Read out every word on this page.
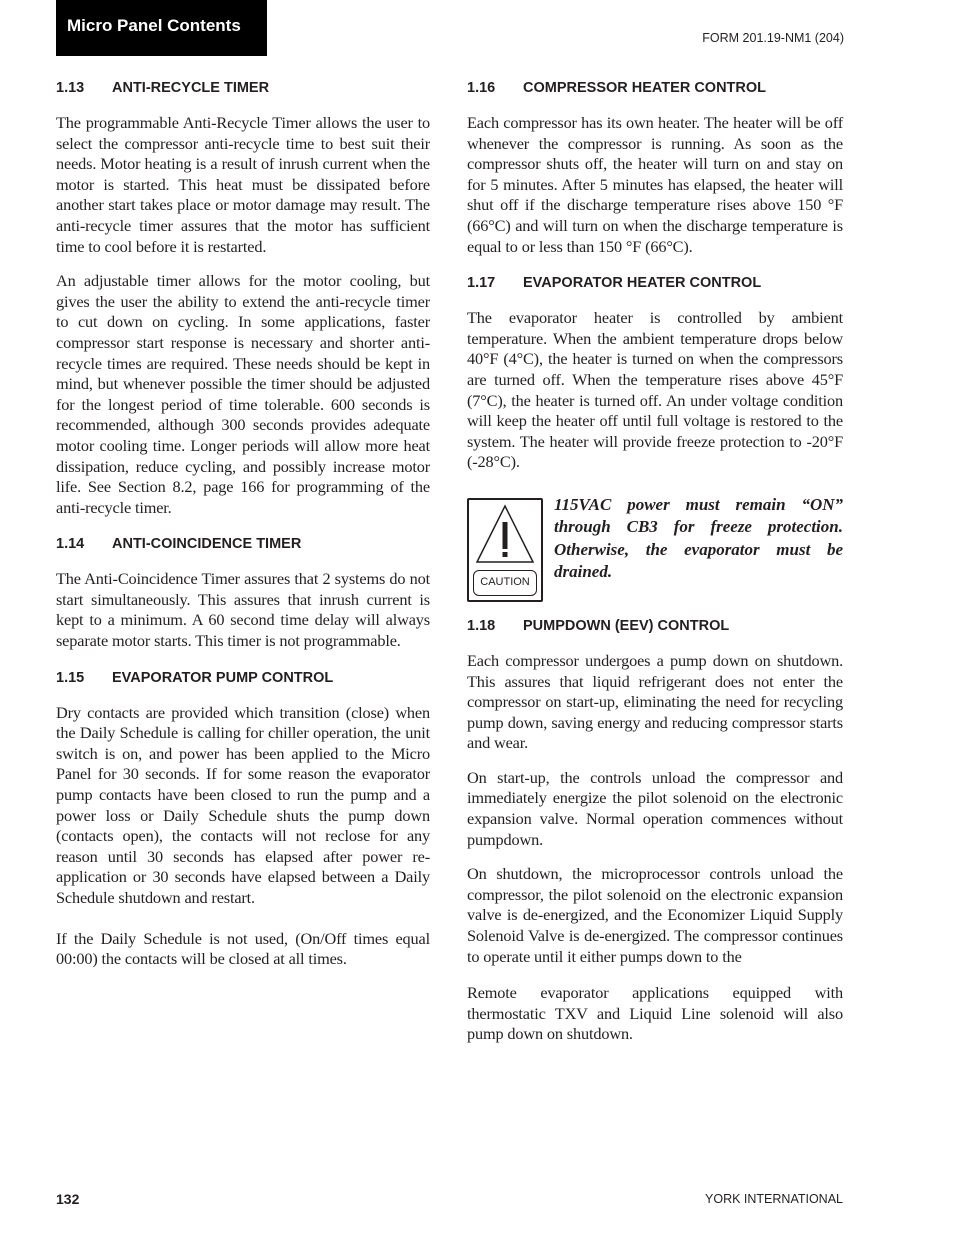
Micro Panel Contents
FORM 201.19-NM1 (204)
1.13 ANTI-RECYCLE TIMER

The programmable Anti-Recycle Timer allows the user to select the compressor anti-recycle time to best suit their needs. Motor heating is a result of inrush current when the motor is started. This heat must be dissipated before another start takes place or motor damage may result. The anti-recycle timer assures that the motor has sufficient time to cool before it is restarted.

An adjustable timer allows for the motor cooling, but gives the user the ability to extend the anti-recycle timer to cut down on cycling. In some applications, faster compressor start response is necessary and shorter anti-recycle times are required. These needs should be kept in mind, but whenever possible the timer should be adjusted for the longest period of time tolerable. 600 seconds is recommended, although 300 seconds provides adequate motor cooling time. Longer periods will allow more heat dissipation, reduce cycling, and possibly increase motor life. See Section 8.2, page 166 for programming of the anti-recycle timer.

1.14 ANTI-COINCIDENCE TIMER

The Anti-Coincidence Timer assures that 2 systems do not start simultaneously. This assures that inrush current is kept to a minimum. A 60 second time delay will always separate motor starts. This timer is not programmable.

1.15 EVAPORATOR PUMP CONTROL

Dry contacts are provided which transition (close) when the Daily Schedule is calling for chiller operation, the unit switch is on, and power has been applied to the Micro Panel for 30 seconds. If for some reason the evaporator pump contacts have been closed to run the pump and a power loss or Daily Schedule shuts the pump down (contacts open), the contacts will not reclose for any reason until 30 seconds has elapsed after power re-application or 30 seconds have elapsed between a Daily Schedule shutdown and restart.

If the Daily Schedule is not used, (On/Off times equal 00:00) the contacts will be closed at all times.

1.16 COMPRESSOR HEATER CONTROL

Each compressor has its own heater. The heater will be off whenever the compressor is running. As soon as the compressor shuts off, the heater will turn on and stay on for 5 minutes. After 5 minutes has elapsed, the heater will shut off if the discharge temperature rises above 150 °F (66°C) and will turn on when the discharge temperature is equal to or less than 150 °F (66°C).

1.17 EVAPORATOR HEATER CONTROL

The evaporator heater is controlled by ambient temperature. When the ambient temperature drops below 40°F (4°C), the heater is turned on when the compressors are turned off. When the temperature rises above 45°F (7°C), the heater is turned off. An under voltage condition will keep the heater off until full voltage is restored to the system. The heater will provide freeze protection to -20°F (-28°C).

CAUTION
115VAC power must remain “ON” through CB3 for freeze protection. Otherwise, the evaporator must be drained.
1.18 PUMPDOWN (EEV) CONTROL

Each compressor undergoes a pump down on shutdown. This assures that liquid refrigerant does not enter the compressor on start-up, eliminating the need for recycling pump down, saving energy and reducing compressor starts and wear.

On start-up, the controls unload the compressor and immediately energize the pilot solenoid on the electronic expansion valve. Normal operation commences without pumpdown.

On shutdown, the microprocessor controls unload the compressor, the pilot solenoid on the electronic expansion valve is de-energized, and the Economizer Liquid Supply Solenoid Valve is de-energized. The compressor continues to operate until it either pumps down to the

Remote evaporator applications equipped with thermostatic TXV and Liquid Line solenoid will also pump down on shutdown.

132	YORK INTERNATIONAL
